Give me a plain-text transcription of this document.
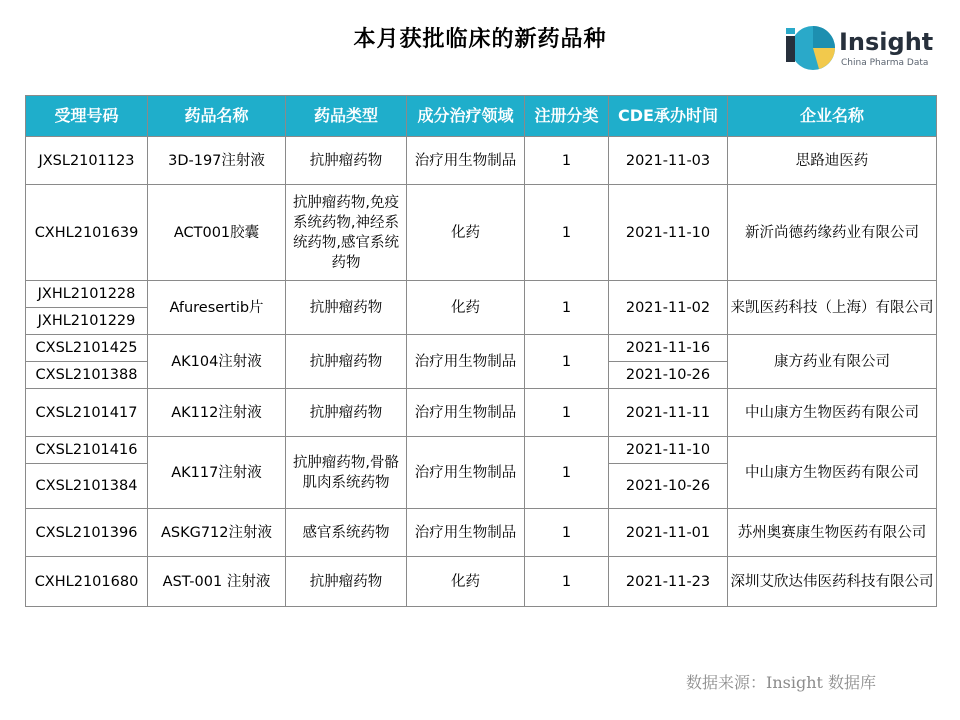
本月获批临床的新药品种	Insight
China Pharma Data
受理号码	药品名称	药品类型	成分治疗领域	注册分类	CDE承办时间	企业名称
JXSL2101123	3D-197注射液	抗肿瘤药物	治疗用生物制品	1	2021-11-03	思路迪医药
CXHL2101639	ACT001胶囊	抗肿瘤药物,免疫系统药物,神经系统药物,感官系统药物	化药	1	2021-11-10	新沂尚德药缘药业有限公司
JXHL2101228	Afuresertib片	抗肿瘤药物	化药	1	2021-11-02	来凯医药科技（上海）有限公司
JXHL2101229						
CXSL2101425	AK104注射液	抗肿瘤药物	治疗用生物制品	1	2021-11-16	康方药业有限公司
CXSL2101388					2021-10-26	
CXSL2101417	AK112注射液	抗肿瘤药物	治疗用生物制品	1	2021-11-11	中山康方生物医药有限公司
CXSL2101416	AK117注射液	抗肿瘤药物,骨骼肌肉系统药物	治疗用生物制品	1	2021-11-10	中山康方生物医药有限公司
CXSL2101384					2021-10-26	
CXSL2101396	ASKG712注射液	感官系统药物	治疗用生物制品	1	2021-11-01	苏州奥赛康生物医药有限公司
CXHL2101680	AST-001 注射液	抗肿瘤药物	化药	1	2021-11-23	深圳艾欣达伟医药科技有限公司
数据来源：Insight 数据库
